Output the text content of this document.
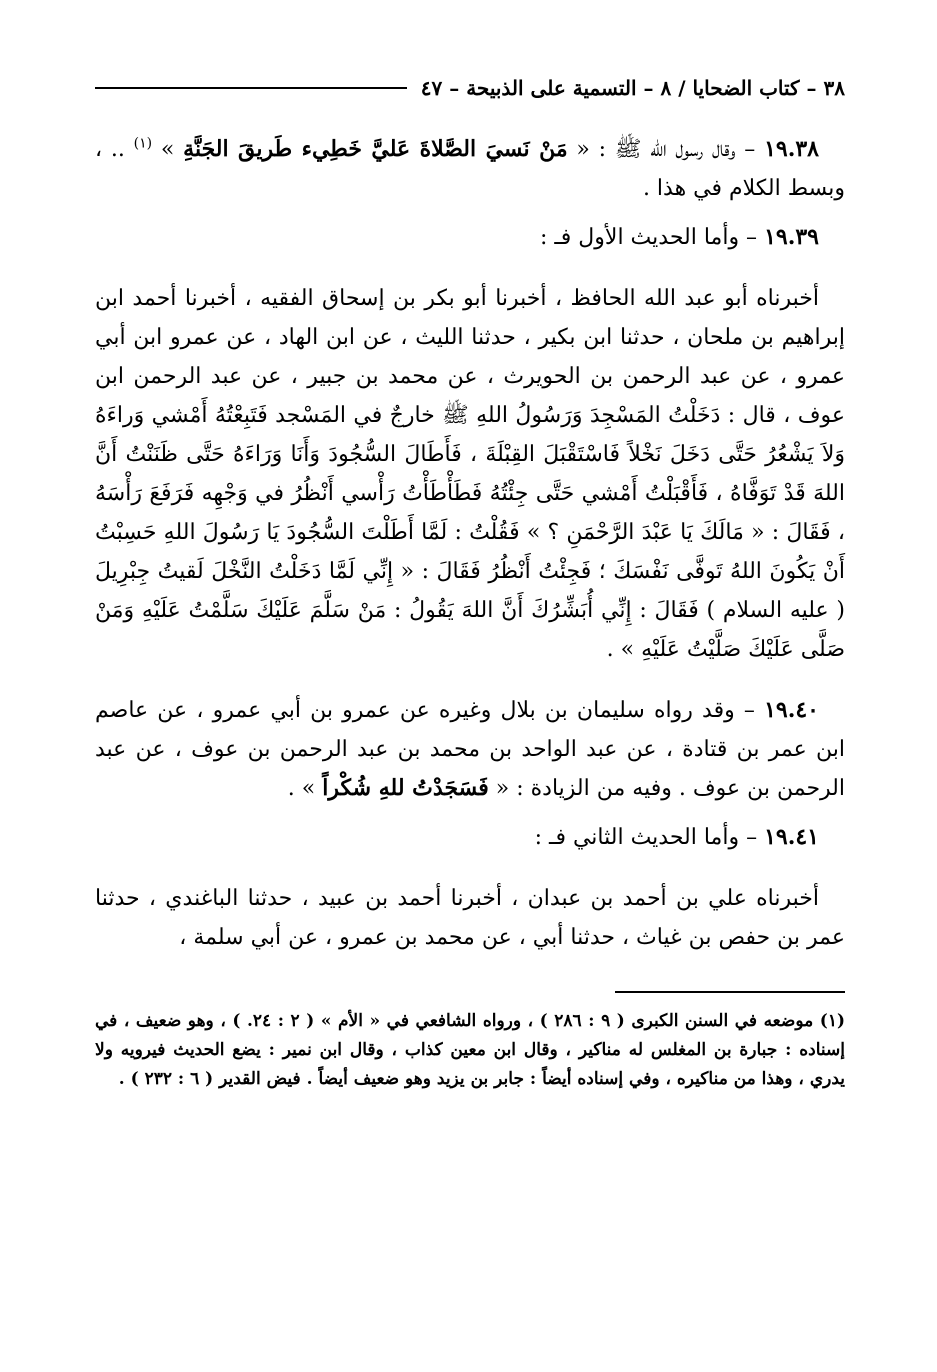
٣٨ – كتاب الضحايا / ٨ – التسمية على الذبيحة – ٤٧

١٩.٣٨ – وقال رسول الله ﷺ : « مَنْ نَسيَ الصَّلاةَ عَليَّ خَطِيء طَريقَ الجَنَّةِ » $^{(١)}$ .. ، وبسط الكلام في هذا .

١٩.٣٩ – وأما الحديث الأول فـ :

أخبرناه أبو عبد الله الحافظ ، أخبرنا أبو بكر بن إسحاق الفقيه ، أخبرنا أحمد ابن إبراهيم بن ملحان ، حدثنا ابن بكير ، حدثنا الليث ، عن ابن الهاد ، عن عمرو ابن أبي عمرو ، عن عبد الرحمن بن الحويرث ، عن محمد بن جبير ، عن عبد الرحمن ابن عوف ، قال : دَخَلْتُ المَسْجِدَ وَرَسُولُ اللهِ ﷺ خارجٌ في المَسْجد فَتَبِعْتُهُ أَمْشي وَراءَهُ وَلاَ يَشْعُرُ حَتَّى دَخَلَ نَخْلاً فَاسْتَقْبَلَ القِبْلَةَ ، فَأَطَالَ السُّجُودَ وَأَنَا وَرَاءَهُ حَتَّى ظَنَنْتُ أَنَّ اللهَ قَدْ تَوَفَّاهُ ، فَأَقْبَلْتُ أَمْشي حَتَّى جِئْتُهُ فَطَأْطَأْتُ رَأْسي أَنْظُرُ في وَجْهِه فَرَفَعَ رَأْسَهُ ، فَقَالَ : « مَالَكَ يَا عَبْدَ الرَّحْمَنِ ؟ » فَقُلْتُ : لَمَّا أَطَلْتَ السُّجُودَ يَا رَسُولَ اللهِ حَسِبْتُ أَنْ يَكُونَ اللهُ تَوفَّى نَفْسَكَ ؛ فَجِئْتُ أَنْظُرُ فَقَالَ : « إِنِّي لَمَّا دَخَلْتُ النَّخْلَ لَقيتُ جِبْرِيلَ ( عليه السلام ) فَقَالَ : إِنِّي أُبَشِّرُكَ أَنَّ اللهَ يَقُولُ : مَنْ سَلَّمَ عَلَيْكَ سَلَّمْتُ عَلَيْهِ وَمَنْ صَلَّى عَلَيْكَ صَلَّيْتُ عَلَيْهِ » .

١٩.٤٠ – وقد رواه سليمان بن بلال وغيره عن عمرو بن أبي عمرو ، عن عاصم ابن عمر بن قتادة ، عن عبد الواحد بن محمد بن عبد الرحمن بن عوف ، عن عبد الرحمن بن عوف . وفيه من الزيادة : « فَسَجَدْتُ للهِ شُكْراً » .

١٩.٤١ – وأما الحديث الثاني فـ :

أخبرناه علي بن أحمد بن عبدان ، أخبرنا أحمد بن عبيد ، حدثنا الباغندي ، حدثنا عمر بن حفص بن غياث ، حدثنا أبي ، عن محمد بن عمرو ، عن أبي سلمة ،

(١) موضعه في السنن الكبرى ( ٩ : ٢٨٦ ) ، ورواه الشافعي في « الأم » ( ٢ : ٢٤. ) ، وهو ضعيف ، في إسناده : جبارة بن المغلس له مناكير ، وقال ابن معين كذاب ، وقال ابن نمير : يضع الحديث فيرويه ولا يدري ، وهذا من مناكيره ، وفي إسناده أيضاً : جابر بن يزيد وهو ضعيف أيضاً . فيض القدير ( ٦ : ٢٣٢ ) .
